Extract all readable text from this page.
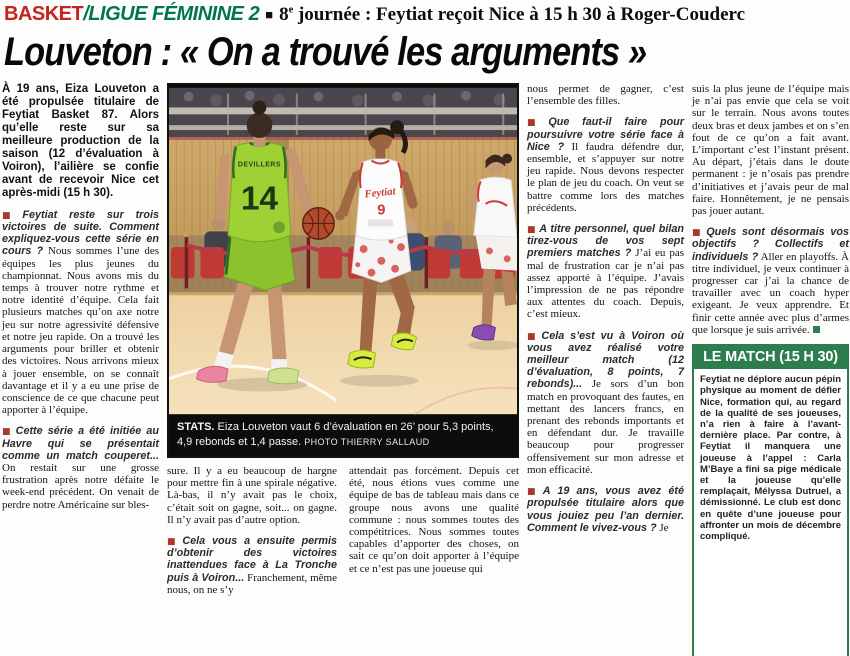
BASKET /LIGUE FÉMININE 2 ■ 8e journée : Feytiat reçoit Nice à 15 h 30 à Roger-Couderc
Louveton : « On a trouvé les arguments »

À 19 ans, Eiza Louveton a été propulsée titulaire de Feytiat Basket 87. Alors qu’elle reste sur sa meilleure production de la saison (12 d’évaluation à Voiron), l’ailière se confie avant de recevoir Nice cet après-midi (15 h 30).

■ Feytiat reste sur trois victoires de suite. Comment expliquez-vous cette série en cours ? Nous sommes l’une des équipes les plus jeunes du championnat. Nous avons mis du temps à trouver notre rythme et notre identité d’équipe. Cela fait plusieurs matches qu’on axe notre jeu sur notre agressivité défensive et notre jeu rapide. On a trouvé les arguments pour briller et obtenir des victoires. Nous arrivons mieux à jouer ensemble, on se connaît davantage et il y a eu une prise de conscience de ce que chacune peut apporter à l’équipe.

■ Cette série a été initiée au Havre qui se présentait comme un match couperet... On restait sur une grosse frustration après notre défaite le week-end précédent. On venait de perdre notre Américaine sur bles-

DEVILLERS
14	Feytiat
9
STATS. Eiza Louveton vaut 6 d’évaluation en 26’ pour 5,3 points, 4,9 rebonds et 1,4 passe. PHOTO THIERRY SALLAUD

sure. Il y a eu beaucoup de hargne pour mettre fin à une spirale négative. Là-bas, il n’y avait pas le choix, c’était soit on gagne, soit... on gagne. Il n’y avait pas d’autre option.

■ Cela vous a ensuite permis d’obtenir des victoires inattendues face à La Tronche puis à Voiron... Franchement, même nous, on ne s’y

attendait pas forcément. Depuis cet été, nous étions vues comme une équipe de bas de tableau mais dans ce groupe nous avons une qualité commune : nous sommes toutes des compétitrices. Nous sommes toutes capables d’apporter des choses, on sait ce qu’on doit apporter à l’équipe et ce n’est pas une joueuse qui

nous permet de gagner, c’est l’ensemble des filles.

■ Que faut-il faire pour poursuivre votre série face à Nice ? Il faudra défendre dur, ensemble, et s’appuyer sur notre jeu rapide. Nous devons respecter le plan de jeu du coach. On veut se battre comme lors des matches précédents.

■ A titre personnel, quel bilan tirez-vous de vos sept premiers matches ? J’ai eu pas mal de frustration car je n’ai pas assez apporté à l’équipe. J’avais l’impression de ne pas répondre aux attentes du coach. Depuis, c’est mieux.

■ Cela s’est vu à Voiron où vous avez réalisé votre meilleur match (12 d’évaluation, 8 points, 7 rebonds)... Je sors d’un bon match en provoquant des fautes, en mettant des lancers francs, en prenant des rebonds importants et en défendant dur. Je travaille beaucoup pour progresser offensivement sur mon adresse et mon efficacité.

■ A 19 ans, vous avez été propulsée titulaire alors que vous jouiez peu l’an dernier. Comment le vivez-vous ? Je

suis la plus jeune de l’équipe mais je n’ai pas envie que cela se voit sur le terrain. Nous avons toutes deux bras et deux jambes et on s’en fout de ce qu’on a fait avant. L’important c’est l’instant présent. Au départ, j’étais dans le doute permanent : je n’osais pas prendre d’initiatives et j’avais peur de mal faire. Honnêtement, je ne pensais pas jouer autant.

■ Quels sont désormais vos objectifs ? Collectifs et individuels ? Aller en playoffs. À titre individuel, je veux continuer à progresser car j’ai la chance de travailler avec un coach hyper exigeant. Je veux apprendre. Et finir cette année avec plus d’armes que lorsque je suis arrivée.

LE MATCH (15 H 30)
Feytiat ne déplore aucun pépin physique au moment de défier Nice, formation qui, au regard de la qualité de ses joueuses, n’a rien à faire à l’avant-dernière place. Par contre, à Feytiat il manquera une joueuse à l’appel : Carla M’Baye a fini sa pige médicale et la joueuse qu’elle remplaçait, Mélyssa Dutruel, a démissionné. Le club est donc en quête d’une joueuse pour affronter un mois de décembre compliqué.
